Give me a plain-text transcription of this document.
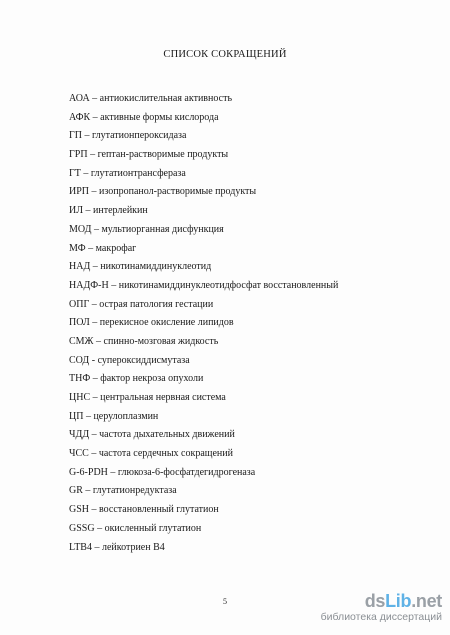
СПИСОК СОКРАЩЕНИЙ
АОА – антиокислительная активность
АФК – активные формы кислорода
ГП – глутатионпероксидаза
ГРП – гептан-растворимые продукты
ГТ – глутатионтрансфераза
ИРП – изопропанол-растворимые продукты
ИЛ – интерлейкин
МОД – мультиорганная дисфункция
МФ – макрофаг
НАД – никотинамиддинуклеотид
НАДФ-Н – никотинамиддинуклеотидфосфат восстановленный
ОПГ – острая патология гестации
ПОЛ – перекисное окисление липидов
СМЖ – спинно-мозговая жидкость
СОД - супероксиддисмутаза
ТНФ – фактор некроза опухоли
ЦНС – центральная нервная система
ЦП – церулоплазмин
ЧДД – частота дыхательных движений
ЧСС – частота сердечных сокращений
G-6-PDH – глюкоза-6-фосфатдегидрогеназа
GR – глутатионредуктаза
GSH – восстановленный глутатион
GSSG – окисленный глутатион
LTB4 – лейкотриен В4
5	dsLib.net
библиотека диссертаций
